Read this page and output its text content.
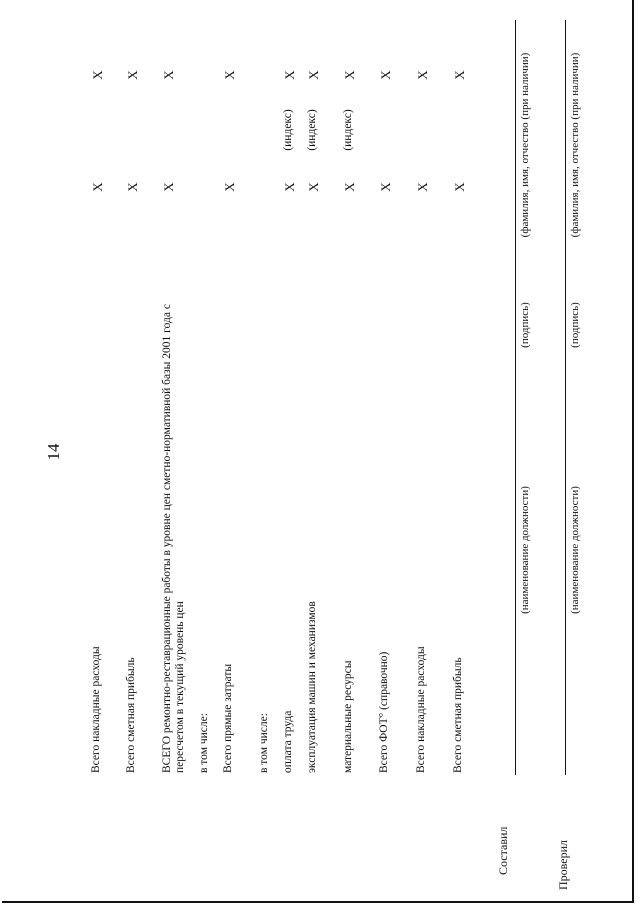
14
Всего накладные расходы
Х
Х
Всего сметная прибыль
Х
Х
ВСЕГО ремонтно-реставрационные работы в уровне цен сметно-нормативной базы 2001 года с пересчетом в текущий уровень цен
Х
Х
в том числе: Всего прямые затраты
Х
Х
в том числе: оплата труда
Х
(индекс)
Х
эксплуатация машин и механизмов
Х
(индекс)
Х
материальные ресурсы
Х
(индекс)
Х
Всего ФОТ° (справочно)
Х
Х
Всего накладные расходы
Х
Х
Всего сметная прибыль
Х
Х
Составил
(наименование должности)
(подпись)
(фамилия, имя, отчество (при наличии)
Проверил
(наименование должности)
(подпись)
(фамилия, имя, отчество (при наличии)
